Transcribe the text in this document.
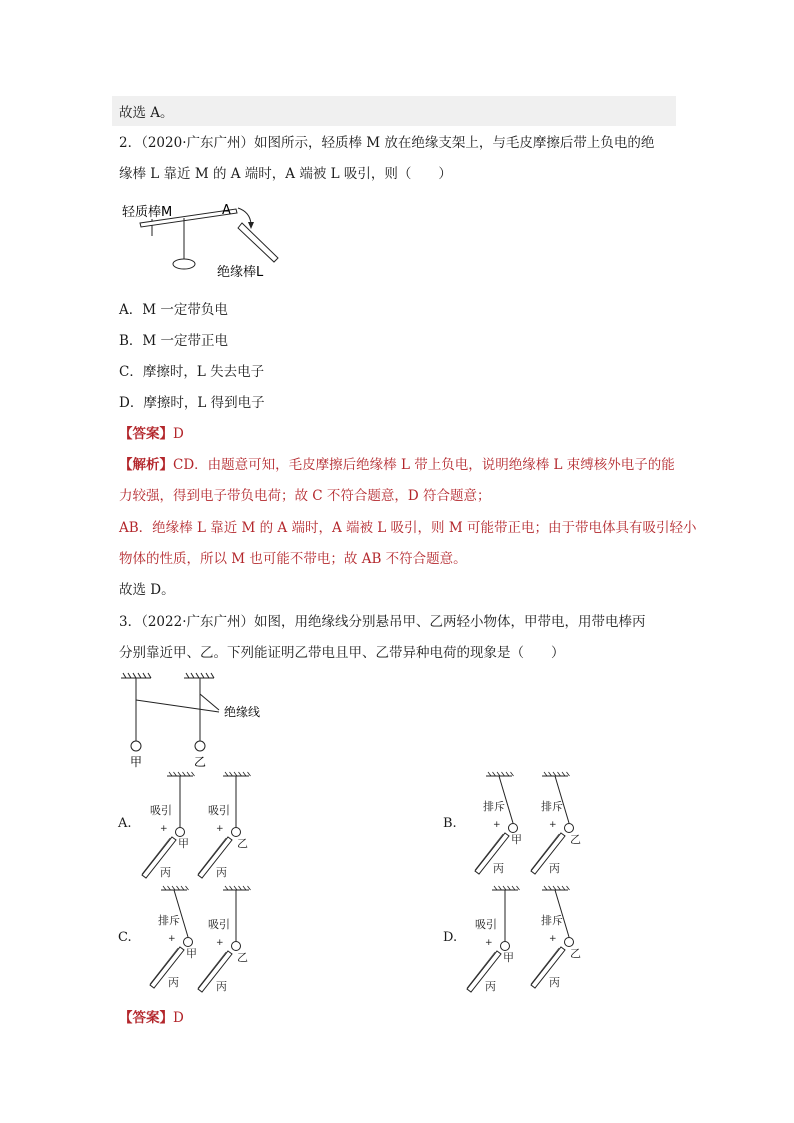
故选 A。
2．（2020·广东广州）如图所示，轻质棒 M 放在绝缘支架上，与毛皮摩擦后带上负电的绝
缘棒 L 靠近 M 的 A 端时，A 端被 L 吸引，则（　　）
轻质棒M	A
绝缘棒L
A．M 一定带负电
B．M 一定带正电
C．摩擦时，L 失去电子
D．摩擦时，L 得到电子
【答案】D
【解析】CD．由题意可知，毛皮摩擦后绝缘棒 L 带上负电，说明绝缘棒 L 束缚核外电子的能
力较强，得到电子带负电荷；故 C 不符合题意，D 符合题意；
AB．绝缘棒 L 靠近 M 的 A 端时，A 端被 L 吸引，则 M 可能带正电；由于带电体具有吸引轻小
物体的性质，所以 M 也可能不带电；故 AB 不符合题意。
故选 D。
3．（2022·广东广州）如图，用绝缘线分别悬吊甲、乙两轻小物体，甲带电，用带电棒丙
分别靠近甲、乙。下列能证明乙带电且甲、乙带异种电荷的现象是（　　）
绝缘线
甲	乙
A.
吸引	吸引
+	+
甲	乙
丙	丙
B.
排斥	排斥
+	+
甲	乙
丙	丙
C.
排斥	吸引
+	+
甲	乙
丙	丙
D.
吸引	排斥
+	+
甲	乙
丙	丙
【答案】D
